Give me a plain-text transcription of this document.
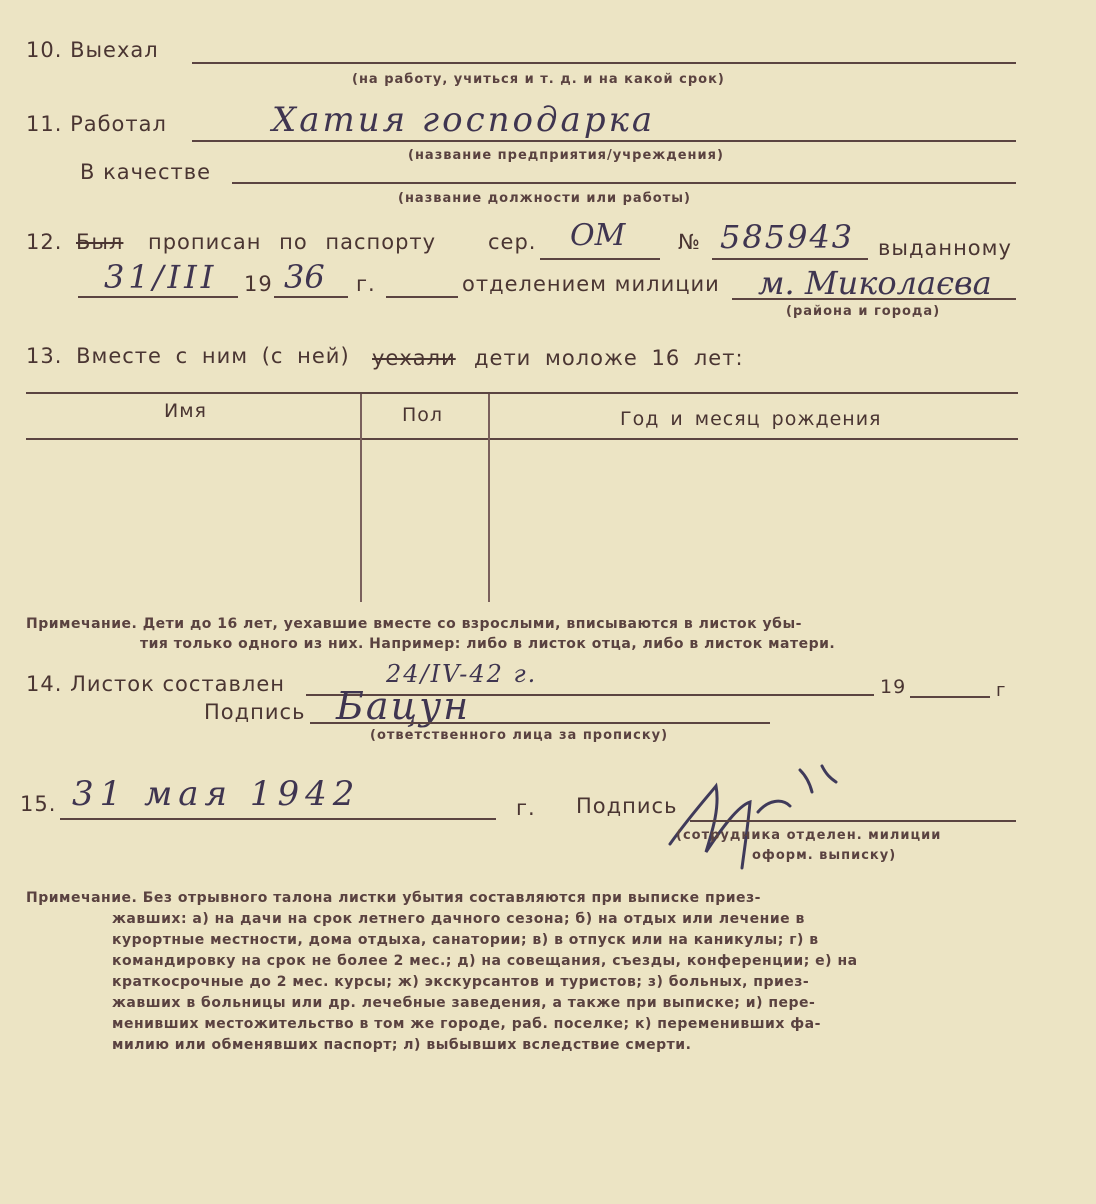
10. Выехал
(на работу, учиться и т. д. и на какой срок)
11. Работал	Хатия господарка
(название предприятия/учреждения)
В качестве
(название должности или работы)
12. Был прописан по паспорту сер. ОМ	№ 585943 выданному
31/III 19 36 г.	отделением милиции м. Миколаєва
(района и города)
13. Вместе с ним (с ней) уехали дети моложе 16 лет:
Имя	Пол	Год и месяц рождения
Примечание. Дети до 16 лет, уехавшие вместе со взрослыми, вписываются в листок убы-
тия только одного из них. Например: либо в листок отца, либо в листок матери.
14. Листок составлен	24/IV-42 г.	19	г
Подпись Бацун
(ответственного лица за прописку)
15. 31 мая 1942	г. Подпись
(сотрудника отделен. милиции
оформ. выписку)
Примечание. Без отрывного талона листки убытия составляются при выписке приез-
жавших: а) на дачи на срок летнего дачного сезона; б) на отдых или лечение в
курортные местности, дома отдыха, санатории; в) в отпуск или на каникулы; г) в
командировку на срок не более 2 мес.; д) на совещания, съезды, конференции; е) на
краткосрочные до 2 мес. курсы; ж) экскурсантов и туристов; з) больных, приез-
жавших в больницы или др. лечебные заведения, а также при выписке; и) пере-
менивших местожительство в том же городе, раб. поселке; к) переменивших фа-
милию или обменявших паспорт; л) выбывших вследствие смерти.
